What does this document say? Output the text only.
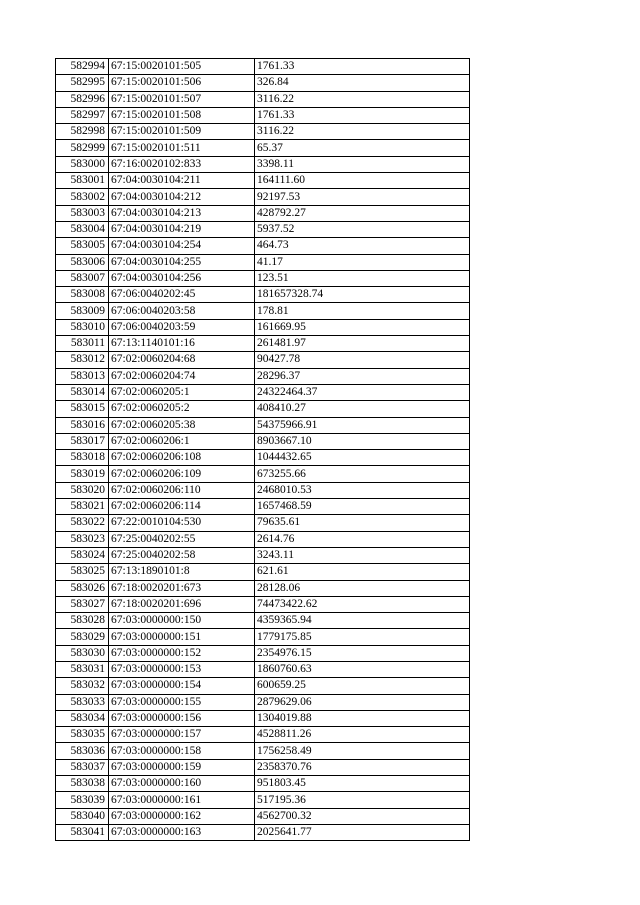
582994	67:15:0020101:505	1761.33
582995	67:15:0020101:506	326.84
582996	67:15:0020101:507	3116.22
582997	67:15:0020101:508	1761.33
582998	67:15:0020101:509	3116.22
582999	67:15:0020101:511	65.37
583000	67:16:0020102:833	3398.11
583001	67:04:0030104:211	164111.60
583002	67:04:0030104:212	92197.53
583003	67:04:0030104:213	428792.27
583004	67:04:0030104:219	5937.52
583005	67:04:0030104:254	464.73
583006	67:04:0030104:255	41.17
583007	67:04:0030104:256	123.51
583008	67:06:0040202:45	181657328.74
583009	67:06:0040203:58	178.81
583010	67:06:0040203:59	161669.95
583011	67:13:1140101:16	261481.97
583012	67:02:0060204:68	90427.78
583013	67:02:0060204:74	28296.37
583014	67:02:0060205:1	24322464.37
583015	67:02:0060205:2	408410.27
583016	67:02:0060205:38	54375966.91
583017	67:02:0060206:1	8903667.10
583018	67:02:0060206:108	1044432.65
583019	67:02:0060206:109	673255.66
583020	67:02:0060206:110	2468010.53
583021	67:02:0060206:114	1657468.59
583022	67:22:0010104:530	79635.61
583023	67:25:0040202:55	2614.76
583024	67:25:0040202:58	3243.11
583025	67:13:1890101:8	621.61
583026	67:18:0020201:673	28128.06
583027	67:18:0020201:696	74473422.62
583028	67:03:0000000:150	4359365.94
583029	67:03:0000000:151	1779175.85
583030	67:03:0000000:152	2354976.15
583031	67:03:0000000:153	1860760.63
583032	67:03:0000000:154	600659.25
583033	67:03:0000000:155	2879629.06
583034	67:03:0000000:156	1304019.88
583035	67:03:0000000:157	4528811.26
583036	67:03:0000000:158	1756258.49
583037	67:03:0000000:159	2358370.76
583038	67:03:0000000:160	951803.45
583039	67:03:0000000:161	517195.36
583040	67:03:0000000:162	4562700.32
583041	67:03:0000000:163	2025641.77
